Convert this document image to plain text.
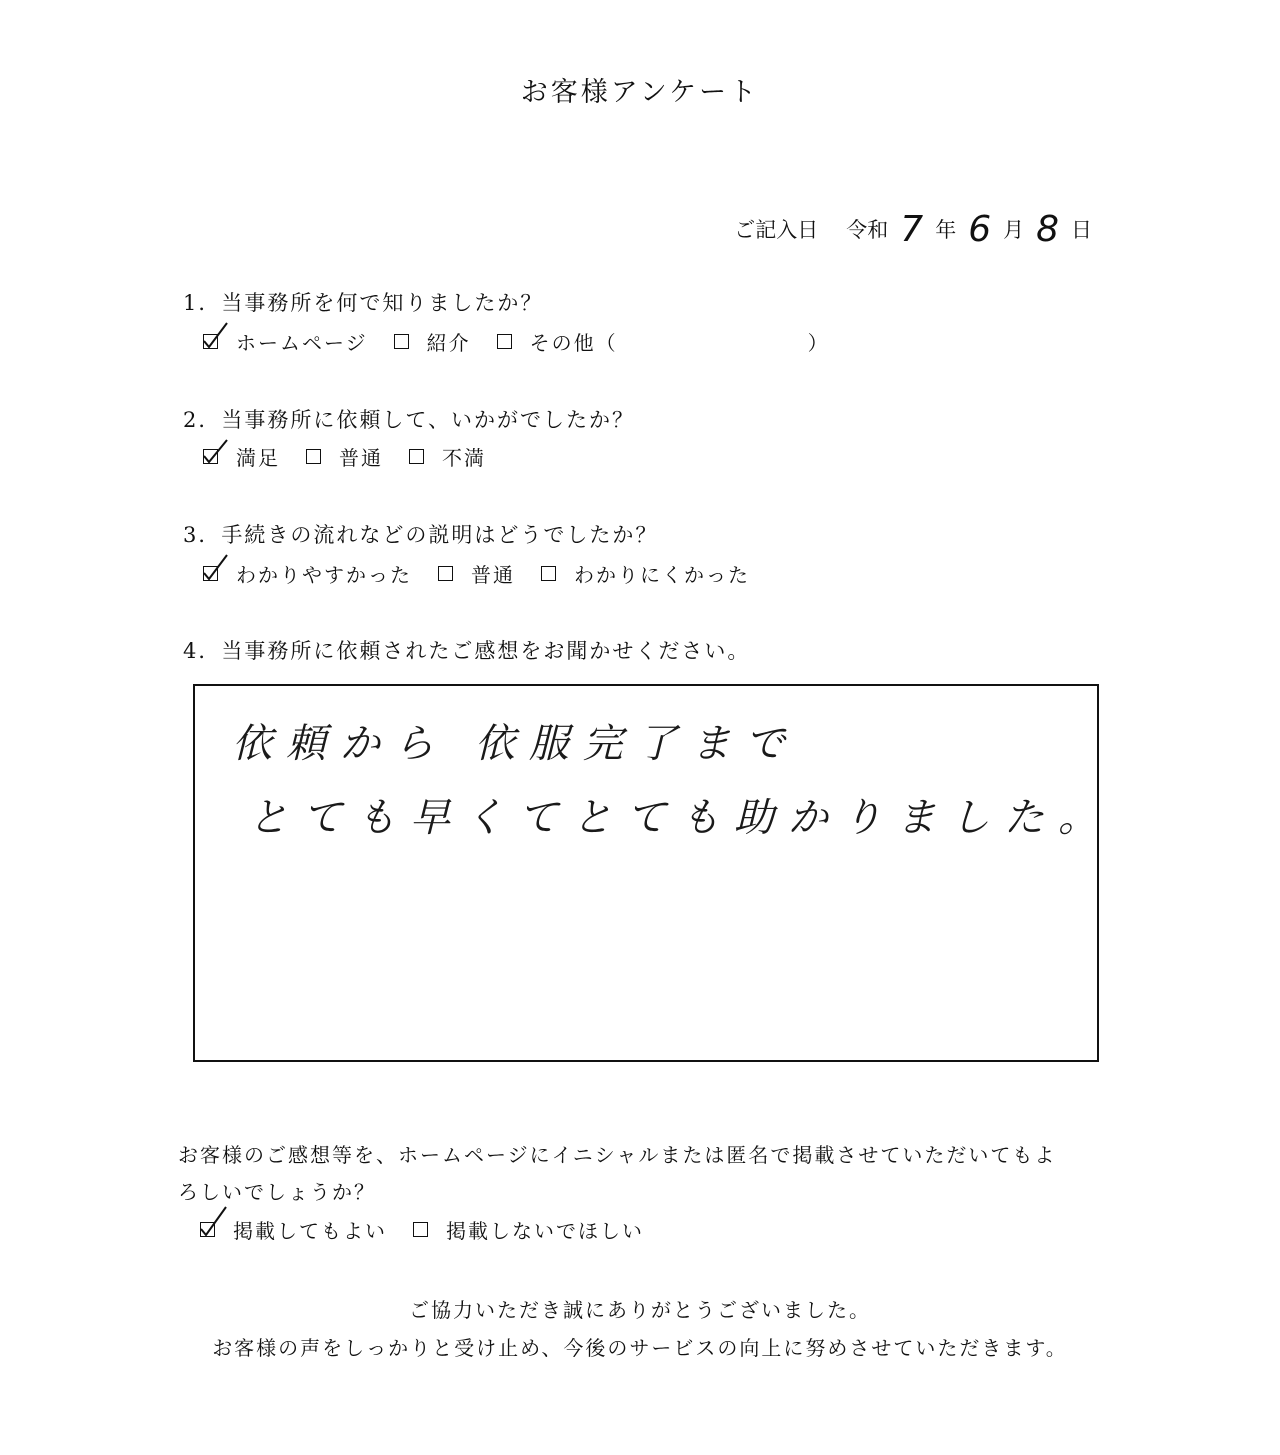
お客様アンケート
ご記入日 令和 7 年 6 月 8 日
1．当事務所を何で知りましたか？
ホームページ	紹介	その他（	）
2．当事務所に依頼して、いかがでしたか？
満足	普通	不満
3．手続きの流れなどの説明はどうでしたか？
わかりやすかった	普通	わかりにくかった
4．当事務所に依頼されたご感想をお聞かせください。
依頼から 依服完了まで
とても早くてとても助かりました。
お客様のご感想等を、ホームページにイニシャルまたは匿名で掲載させていただいてもよ
ろしいでしょうか？
掲載してもよい	掲載しないでほしい
ご協力いただき誠にありがとうございました。
お客様の声をしっかりと受け止め、今後のサービスの向上に努めさせていただきます。
